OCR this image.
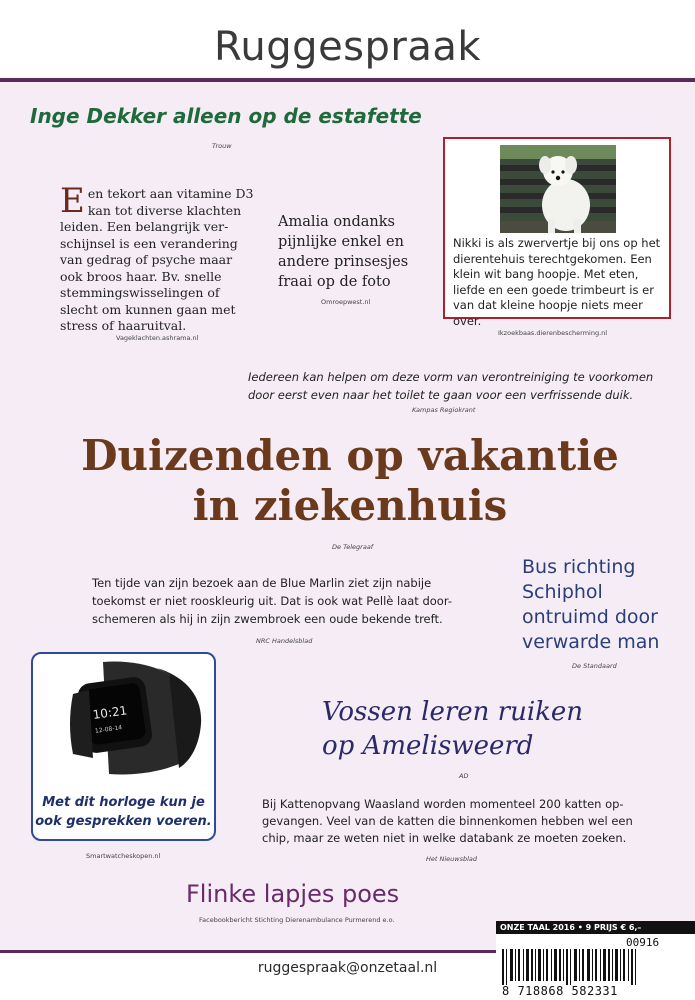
Ruggespraak
Inge Dekker alleen op de estafette
Trouw
E en tekort aan vitamine D3
kan tot diverse klachten
leiden. Een belangrijk ver-
schijnsel is een verandering
van gedrag of psyche maar
ook broos haar. Bv. snelle
stemmingswisselingen of
slecht om kunnen gaan met
stress of haaruitval.
Vageklachten.ashrama.nl
Amalia ondanks
pijnlijke enkel en
andere prinsesjes
fraai op de foto
Omroepwest.nl
Nikki is als zwervertje bij ons op het
dierentehuis terechtgekomen. Een
klein wit bang hoopje. Met eten,
liefde en een goede trimbeurt is er
van dat kleine hoopje niets meer over.
Ikzoekbaas.dierenbescherming.nl
Iedereen kan helpen om deze vorm van verontreiniging te voorkomen
door eerst even naar het toilet te gaan voor een verfrissende duik.
Kampas Regiokrant
Duizenden op vakantie
in ziekenhuis
De Telegraaf
Bus richting
Schiphol
ontruimd door
verwarde man
De Standaard
Ten tijde van zijn bezoek aan de Blue Marlin ziet zijn nabije
toekomst er niet rooskleurig uit. Dat is ook wat Pellè laat door-
schemeren als hij in zijn zwembroek een oude bekende treft.
NRC Handelsblad
10:21
12-08-14
Met dit horloge kun je
ook gesprekken voeren.
Smartwatcheskopen.nl
Vossen leren ruiken
op Amelisweerd
AD
Bij Kattenopvang Waasland worden momenteel 200 katten op-
gevangen. Veel van de katten die binnenkomen hebben wel een
chip, maar ze weten niet in welke databank ze moeten zoeken.
Het Nieuwsblad
Flinke lapjes poes
Facebookbericht Stichting Dierenambulance Purmerend e.o.
ruggespraak@onzetaal.nl
ONZE TAAL 2016 • 9 PRIJS € 6,–
00916
8 718868 582331
